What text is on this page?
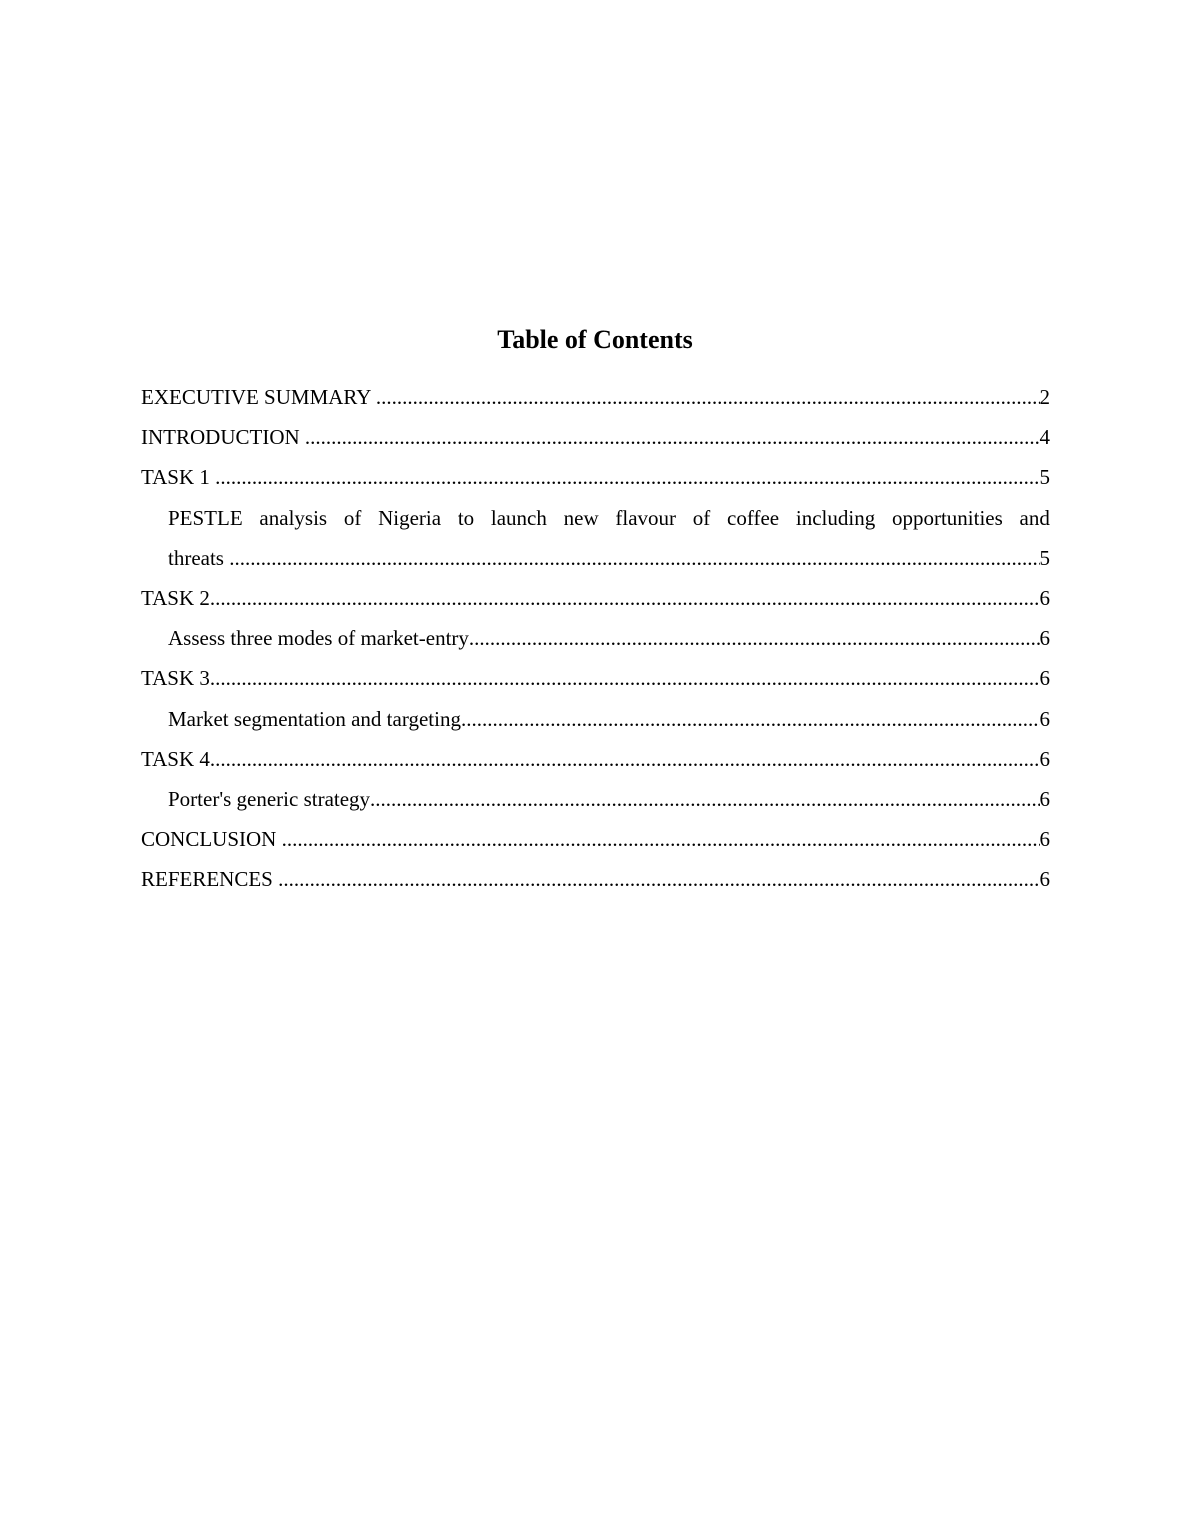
Table of Contents
EXECUTIVE SUMMARY .....	2
INTRODUCTION .....	4
TASK 1 .....	5
PESTLE analysis of Nigeria to launch new flavour of coffee including opportunities and
threats .....	5
TASK 2 .....	6
Assess three modes of market-entry .....	6
TASK 3 .....	6
Market segmentation and targeting .....	6
TASK 4 .....	6
Porter's generic strategy .....	6
CONCLUSION .....	6
REFERENCES .....	6
